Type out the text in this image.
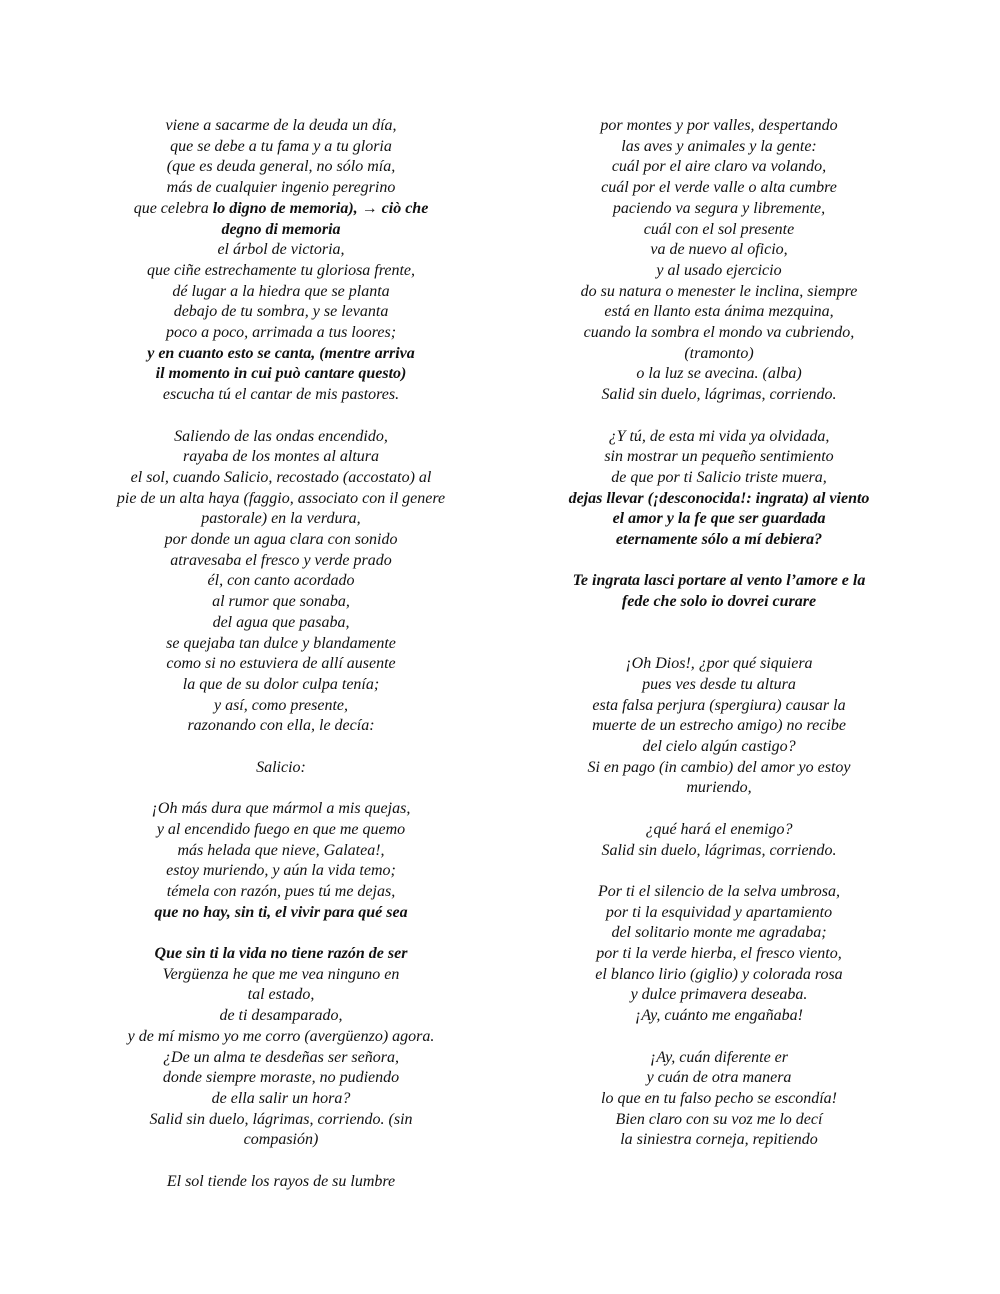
viene a sacarme de la deuda un día,
que se debe a tu fama y a tu gloria
(que es deuda general, no sólo mía,
más de cualquier ingenio peregrino
que celebra lo digno de memoria), → ciò che
degno di memoria
el árbol de victoria,
que ciñe estrechamente tu gloriosa frente,
dé lugar a la hiedra que se planta
debajo de tu sombra, y se levanta
poco a poco, arrimada a tus loores;
y en cuanto esto se canta, (mentre arriva
il momento in cui può cantare questo)
escucha tú el cantar de mis pastores.
Saliendo de las ondas encendido,
rayaba de los montes al altura
el sol, cuando Salicio, recostado (accostato) al
pie de un alta haya (faggio, associato con il genere
pastorale) en la verdura,
por donde un agua clara con sonido
atravesaba el fresco y verde prado
él, con canto acordado
al rumor que sonaba,
del agua que pasaba,
se quejaba tan dulce y blandamente
como si no estuviera de allí ausente
la que de su dolor culpa tenía;
y así, como presente,
razonando con ella, le decía:
Salicio:
¡Oh más dura que mármol a mis quejas,
y al encendido fuego en que me quemo
más helada que nieve, Galatea!,
estoy muriendo, y aún la vida temo;
témela con razón, pues tú me dejas,
que no hay, sin ti, el vivir para qué sea
Que sin ti la vida no tiene razón de ser
Vergüenza he que me vea ninguno en
tal estado,
de ti desamparado,
y de mí mismo yo me corro (avergüenzo) agora.
¿De un alma te desdeñas ser señora,
donde siempre moraste, no pudiendo
de ella salir un hora?
Salid sin duelo, lágrimas, corriendo. (sin
compasión)
El sol tiende los rayos de su lumbre
por montes y por valles, despertando
las aves y animales y la gente:
cuál por el aire claro va volando,
cuál por el verde valle o alta cumbre
paciendo va segura y libremente,
cuál con el sol presente
va de nuevo al oficio,
y al usado ejercicio
do su natura o menester le inclina, siempre
está en llanto esta ánima mezquina,
cuando la sombra el mondo va cubriendo,
(tramonto)
o la luz se avecina. (alba)
Salid sin duelo, lágrimas, corriendo.
¿Y tú, de esta mi vida ya olvidada,
sin mostrar un pequeño sentimiento
de que por ti Salicio triste muera,
dejas llevar (¡desconocida!: ingrata) al viento
el amor y la fe que ser guardada
eternamente sólo a mí debiera?
Te ingrata lasci portare al vento l’amore e la
fede che solo io dovrei curare
¡Oh Dios!, ¿por qué siquiera
pues ves desde tu altura
esta falsa perjura (spergiura) causar la
muerte de un estrecho amigo) no recibe
del cielo algún castigo?
Si en pago (in cambio) del amor yo estoy
muriendo,
¿qué hará el enemigo?
Salid sin duelo, lágrimas, corriendo.
Por ti el silencio de la selva umbrosa,
por ti la esquividad y apartamiento
del solitario monte me agradaba;
por ti la verde hierba, el fresco viento,
el blanco lirio (giglio) y colorada rosa
y dulce primavera deseaba.
¡Ay, cuánto me engañaba!
¡Ay, cuán diferente er
y cuán de otra manera
lo que en tu falso pecho se escondía!
Bien claro con su voz me lo decí
la siniestra corneja, repitiendo
